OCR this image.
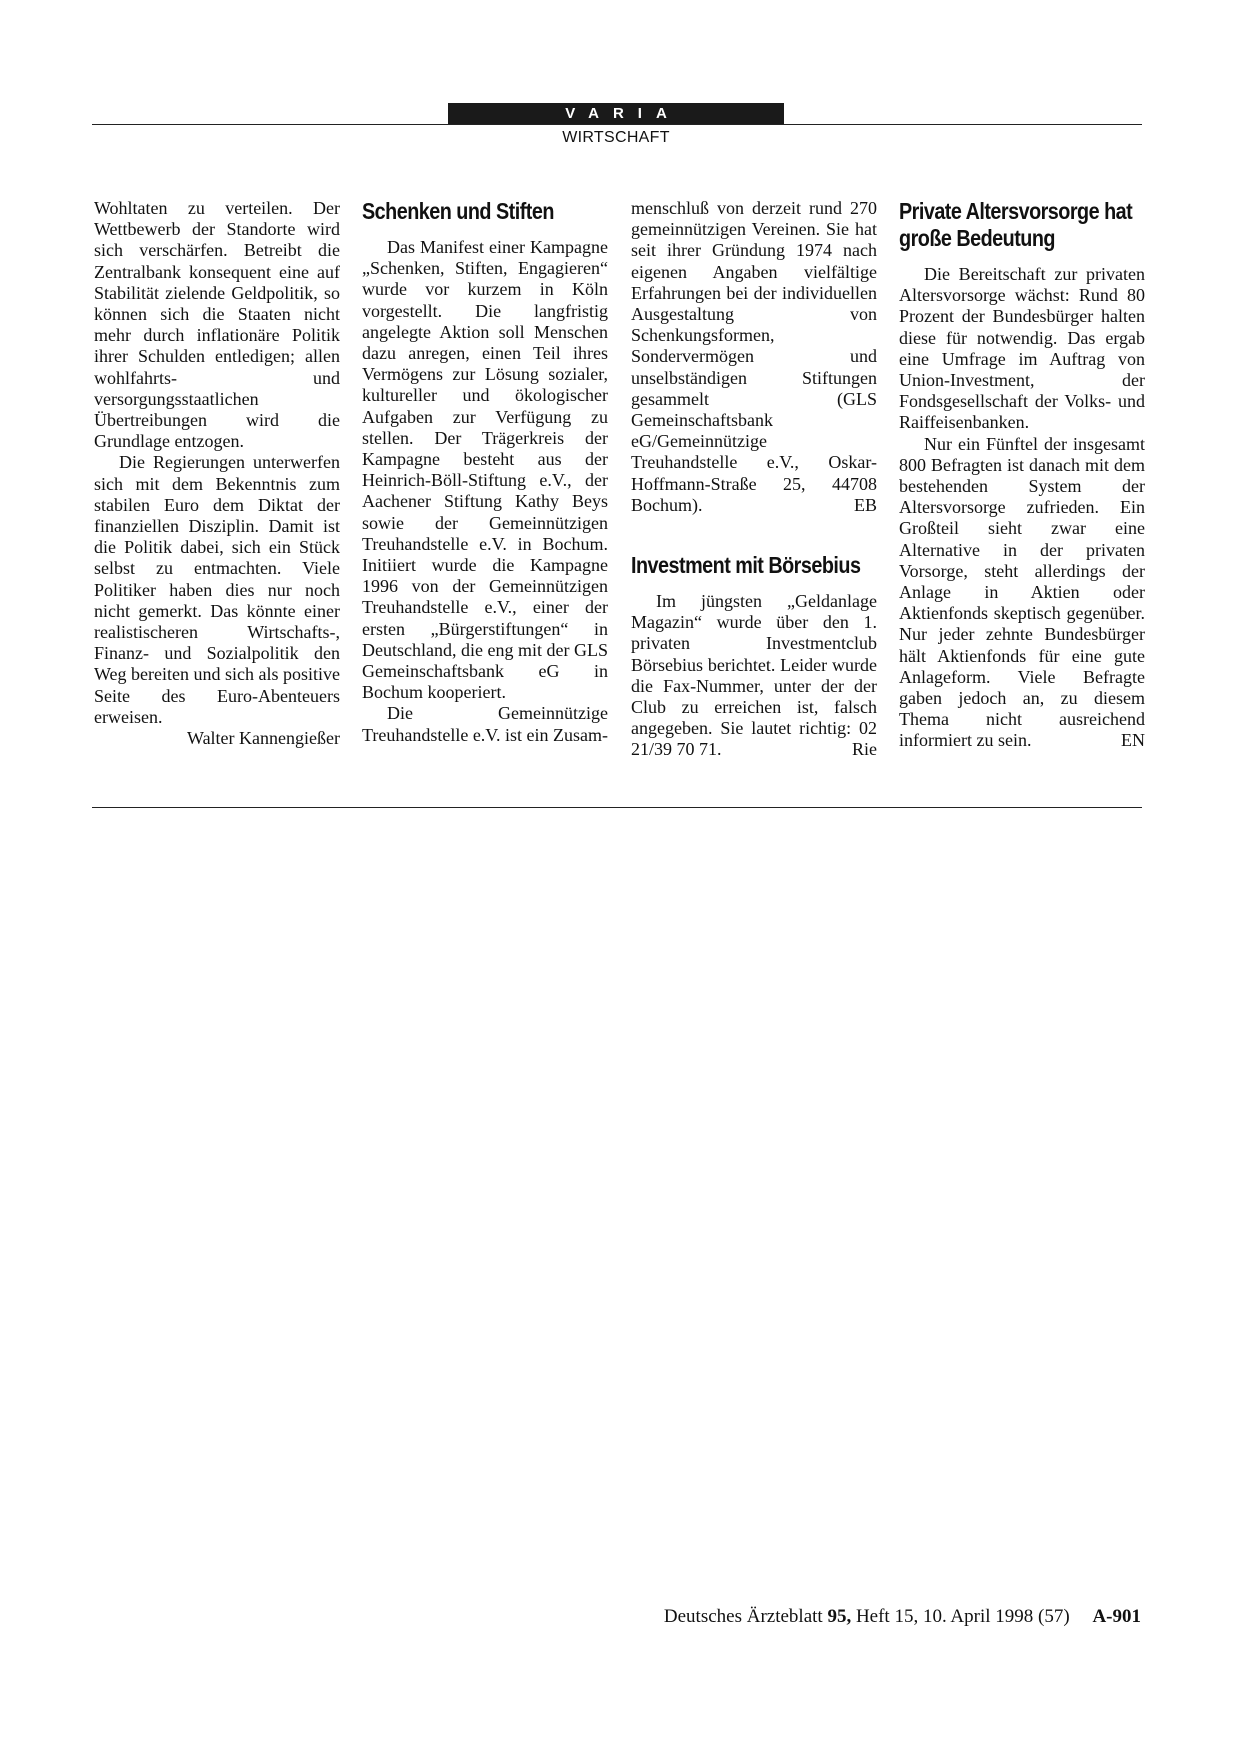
VARIA
WIRTSCHAFT

Wohltaten zu verteilen. Der Wettbewerb der Standorte wird sich verschärfen. Betreibt die Zentralbank konsequent eine auf Stabilität zielende Geldpolitik, so können sich die Staaten nicht mehr durch inflationäre Politik ihrer Schulden entledigen; allen wohlfahrts- und versorgungsstaatlichen Übertreibungen wird die Grundlage entzogen.

Die Regierungen unterwerfen sich mit dem Bekenntnis zum stabilen Euro dem Diktat der finanziellen Disziplin. Damit ist die Politik dabei, sich ein Stück selbst zu entmachten. Viele Politiker haben dies nur noch nicht gemerkt. Das könnte einer realistischeren Wirtschafts-, Finanz- und Sozialpolitik den Weg bereiten und sich als positive Seite des Euro-Abenteuers erweisen.
Walter Kannengießer

Schenken und Stiften

Das Manifest einer Kampagne „Schenken, Stiften, Engagieren“ wurde vor kurzem in Köln vorgestellt. Die langfristig angelegte Aktion soll Menschen dazu anregen, einen Teil ihres Vermögens zur Lösung sozialer, kultureller und ökologischer Aufgaben zur Verfügung zu stellen. Der Trägerkreis der Kampagne besteht aus der Heinrich-Böll-Stiftung e.V., der Aachener Stiftung Kathy Beys sowie der Gemeinnützigen Treuhandstelle e.V. in Bochum. Initiiert wurde die Kampagne 1996 von der Gemeinnützigen Treuhandstelle e.V., einer der ersten „Bürgerstiftungen“ in Deutschland, die eng mit der GLS Gemeinschaftsbank eG in Bochum kooperiert.

Die Gemeinnützige Treuhandstelle e.V. ist ein Zusam-

menschluß von derzeit rund 270 gemeinnützigen Vereinen. Sie hat seit ihrer Gründung 1974 nach eigenen Angaben vielfältige Erfahrungen bei der individuellen Ausgestaltung von Schenkungsformen, Sondervermögen und unselbständigen Stiftungen gesammelt (GLS Gemeinschaftsbank eG/Gemeinnützige Treuhandstelle e.V., Oskar-Hoffmann-Straße 25, 44708 Bochum).	EB

Investment mit Börsebius

Im jüngsten „Geldanlage Magazin“ wurde über den 1. privaten Investmentclub Börsebius berichtet. Leider wurde die Fax-Nummer, unter der der Club zu erreichen ist, falsch angegeben. Sie lautet richtig: 02 21/39 70 71.	Rie

Private Altersvorsorge hat große Bedeutung

Die Bereitschaft zur privaten Altersvorsorge wächst: Rund 80 Prozent der Bundesbürger halten diese für notwendig. Das ergab eine Umfrage im Auftrag von Union-Investment, der Fondsgesellschaft der Volks- und Raiffeisenbanken.

Nur ein Fünftel der insgesamt 800 Befragten ist danach mit dem bestehenden System der Altersvorsorge zufrieden. Ein Großteil sieht zwar eine Alternative in der privaten Vorsorge, steht allerdings der Anlage in Aktien oder Aktienfonds skeptisch gegenüber. Nur jeder zehnte Bundesbürger hält Aktienfonds für eine gute Anlageform. Viele Befragte gaben jedoch an, zu diesem Thema nicht ausreichend informiert zu sein.	EN

Deutsches Ärzteblatt 95, Heft 15, 10. April 1998 (57) A-901
